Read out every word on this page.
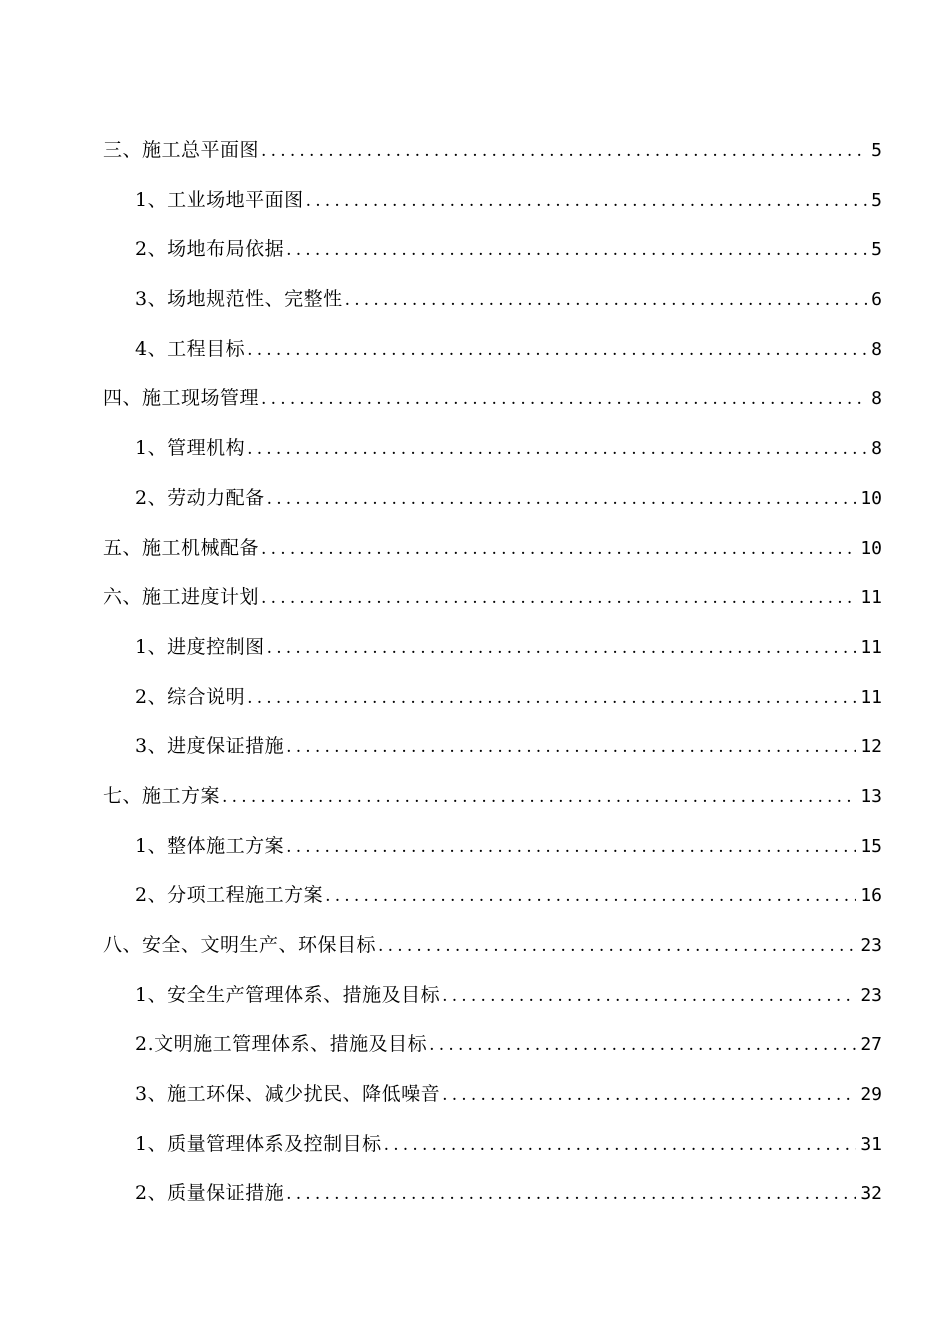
三、施工总平面图 .....	5
1、工业场地平面图 .....	5
2、场地布局依据 .....	5
3、场地规范性、完整性 .....	6
4、工程目标 .....	8
四、施工现场管理 .....	8
1、管理机构 .....	8
2、劳动力配备 .....	10
五、施工机械配备 .....	10
六、施工进度计划 .....	11
1、进度控制图 .....	11
2、综合说明 .....	11
3、进度保证措施 .....	12
七、施工方案 .....	13
1、整体施工方案 .....	15
2、分项工程施工方案 .....	16
八、安全、文明生产、环保目标 .....	23
1、安全生产管理体系、措施及目标 .....	23
2.文明施工管理体系、措施及目标 .....	27
3、施工环保、减少扰民、降低噪音 .....	29
1、质量管理体系及控制目标 .....	31
2、质量保证措施 .....	32
